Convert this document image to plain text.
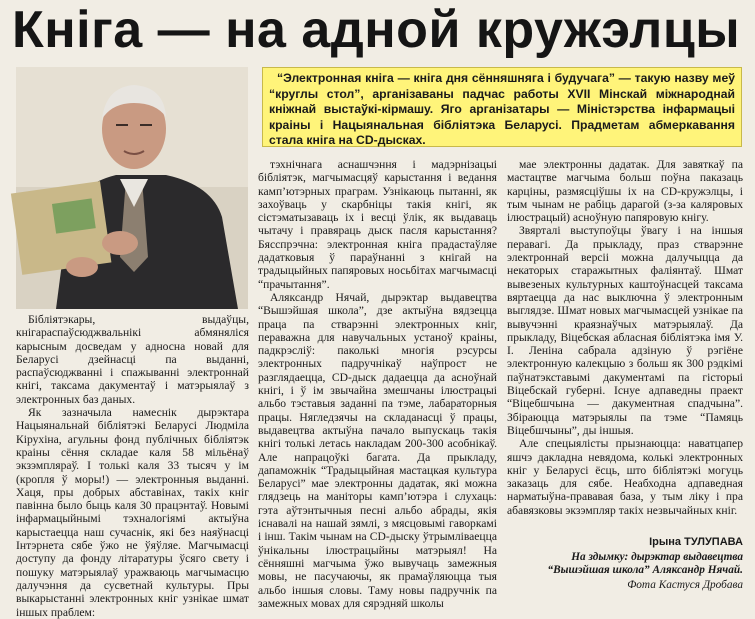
Кніга — на адной кружэлцы
“Электронная кніга — кніга дня сённяшняга і будучага” — такую назву меў “круглы стол”, арганізаваны падчас работы XVII Мінскай міжнароднай кніжнай выстаўкі-кірмашу. Яго арганізатары — Міністэрства інфармацыі краіны і Нацыянальная бібліятэка Беларусі. Прадметам абмеркавання стала кніга на CD-дысках.

Бібліятэкары, выдаўцы, кнігараспаўсюджвальнікі абмяняліся карысным досведам у адносна новай для Беларусі дзейнасці па выданні, распаўсюджванні і спажыванні электроннай кнігі, таксама дакументаў і матэрыялаў з электронных баз даных.

Як зазначыла намеснік дырэктара Нацыянальнай бібліятэкі Беларусі Людміла Кірухіна, агульны фонд публічных бібліятэк краіны сёння складае каля 58 мільёнаў экзэмпляраў. І толькі каля 33 тысяч у ім (кропля ў моры!) — электронныя выданні. Хаця, пры добрых абставінах, такіх кніг павінна было быць каля 30 працэнтаў. Новымі інфармацыйнымі тэхналогіямі актыўна карыстаецца наш сучаснік, які без наяўнасці Інтэрнета сябе ўжо не ўяўляе. Магчымасці доступу да фонду літаратуры ўсяго свету і пошуку матэрыялаў уражваюць магчымасцю далучэння да сусветнай культуры. Пры выкарыстанні электронных кніг узнікае шмат іншых праблем:

тэхнічнага аснашчэння і мадэрнізацыі бібліятэк, магчымасцяў карыстання і ведання камп’ютэрных праграм. Узнікаюць пытанні, як захоўваць у скарбніцы такія кнігі, як сістэматызаваць іх і весці ўлік, як выдаваць чытачу і правяраць дыск пасля карыстання? Бясспрэчна: электронная кніга прадастаўляе дадатковыя ў параўнанні з кнігай на традыцыйных папяровых носьбітах магчымасці “прачытання”.

Аляксандр Нячай, дырэктар выдавецтва “Вышэйшая школа”, дзе актыўна вядзецца праца па стварэнні электронных кніг, пераважна для навучальных устаноў краіны, падкрэсліў: паколькі многія рэсурсы электронных падручнікаў наўпрост не разглядаецца, CD-дыск дадаецца да асноўнай кнігі, і ў ім звычайна змешчаны ілюстрацыі альбо тэставыя заданні па тэме, лабараторныя працы. Нягледзячы на складанасці ў працы, выдавецтва актыўна пачало выпускаць такія кнігі толькі летась накладам 200-300 асобнікаў. Але напрацоўкі багата. Да прыкладу, дапаможнік “Традыцыйная мастацкая культура Беларусі” мае электронны дадатак, які можна глядзець на маніторы камп’ютэра і слухаць: гэта аўтэнтычныя песні альбо абрады, якія існавалі на нашай зямлі, з мясцовымі гаворкамі і інш. Такім чынам на CD-дыску ўтрымліваецца ўнікальны ілюстрацыйны матэрыял! На сённяшні магчыма ўжо вывучаць замежныя мовы, не пасучаючы, як прамаўляюцца тыя альбо іншыя словы. Таму новы падручнік па замежных мовах для сярэдняй школы

мае электронны дадатак. Для завяткаў па мастацтве магчыма больш поўна паказаць карціны, размясціўшы іх на CD-кружэлцы, і тым чынам не рабіць дарагой (з-за каляровых ілюстрацый) асноўную папяровую кнігу.

Звярталі выступоўцы ўвагу і на іншыя перавагі. Да прыкладу, праз стварэнне электроннай версіі можна далучыцца да некаторых старажытных фаліянтаў. Шмат вывезеных культурных каштоўнасцей таксама вяртаецца да нас выключна ў электронным выглядзе. Шмат новых магчымасцей узнікае па вывучэнні краязнаўчых матэрыялаў. Да прыкладу, Віцебская абласная бібліятэка імя У. І. Леніна сабрала адзіную ў рэгіёне электронную калекцыю з больш як 300 рэдкімі паўнатэкставымі дакументамі па гісторыі Віцебскай губерні. Існуе адпаведны праект “Віцебшчына — дакументная спадчына”. Збіраюцца матэрыялы па тэме “Памяць Віцебшчыны”, ды іншыя.

Але спецыялісты прызнаюцца: наватцапер яшчэ дакладна невядома, колькі электронных кніг у Беларусі ёсць, што бібліятэкі могуць заказаць для сябе. Неабходна адпаведная нарматыўна-прававая база, у тым ліку і пра абавязковы экзэмпляр такіх незвычайных кніг.

Ірына ТУЛУПАВА
На здымку: дырэктар выдавецтва “Вышэйшая школа” Аляксандр Нячай.
Фота Кастуся Дробава
